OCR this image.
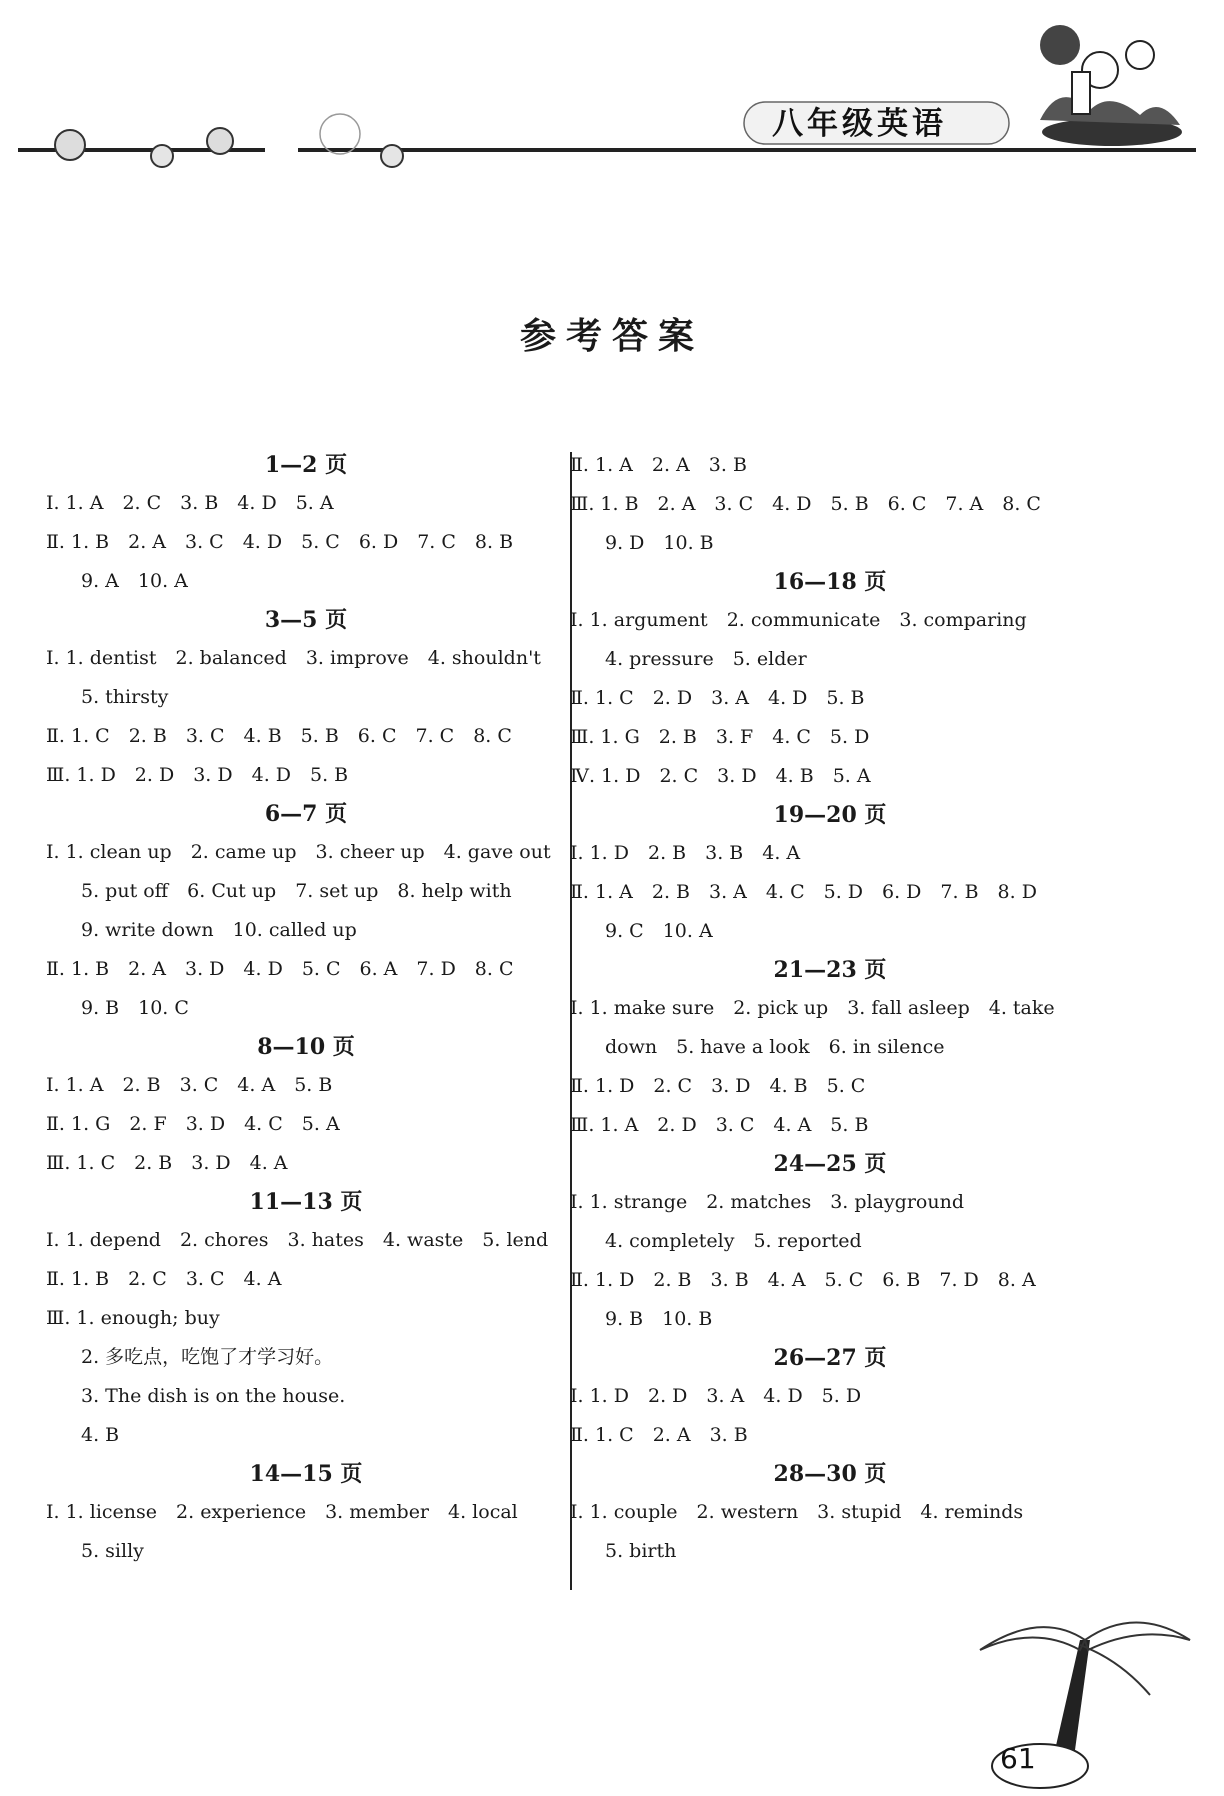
八年级英语
参考答案
1—2 页
Ⅰ. 1. A　2. C　3. B　4. D　5. A
Ⅱ. 1. B　2. A　3. C　4. D　5. C　6. D　7. C　8. B
9. A　10. A
3—5 页
Ⅰ. 1. dentist　2. balanced　3. improve　4. shouldn't
5. thirsty
Ⅱ. 1. C　2. B　3. C　4. B　5. B　6. C　7. C　8. C
Ⅲ. 1. D　2. D　3. D　4. D　5. B
6—7 页
Ⅰ. 1. clean up　2. came up　3. cheer up　4. gave out
5. put off　6. Cut up　7. set up　8. help with
9. write down　10. called up
Ⅱ. 1. B　2. A　3. D　4. D　5. C　6. A　7. D　8. C
9. B　10. C
8—10 页
Ⅰ. 1. A　2. B　3. C　4. A　5. B
Ⅱ. 1. G　2. F　3. D　4. C　5. A
Ⅲ. 1. C　2. B　3. D　4. A
11—13 页
Ⅰ. 1. depend　2. chores　3. hates　4. waste　5. lend
Ⅱ. 1. B　2. C　3. C　4. A
Ⅲ. 1. enough; buy
2. 多吃点，吃饱了才学习好。
3. The dish is on the house.
4. B
14—15 页
Ⅰ. 1. license　2. experience　3. member　4. local
5. silly
Ⅱ. 1. A　2. A　3. B
Ⅲ. 1. B　2. A　3. C　4. D　5. B　6. C　7. A　8. C
9. D　10. B
16—18 页
Ⅰ. 1. argument　2. communicate　3. comparing
4. pressure　5. elder
Ⅱ. 1. C　2. D　3. A　4. D　5. B
Ⅲ. 1. G　2. B　3. F　4. C　5. D
Ⅳ. 1. D　2. C　3. D　4. B　5. A
19—20 页
Ⅰ. 1. D　2. B　3. B　4. A
Ⅱ. 1. A　2. B　3. A　4. C　5. D　6. D　7. B　8. D
9. C　10. A
21—23 页
Ⅰ. 1. make sure　2. pick up　3. fall asleep　4. take
down　5. have a look　6. in silence
Ⅱ. 1. D　2. C　3. D　4. B　5. C
Ⅲ. 1. A　2. D　3. C　4. A　5. B
24—25 页
Ⅰ. 1. strange　2. matches　3. playground
4. completely　5. reported
Ⅱ. 1. D　2. B　3. B　4. A　5. C　6. B　7. D　8. A
9. B　10. B
26—27 页
Ⅰ. 1. D　2. D　3. A　4. D　5. D
Ⅱ. 1. C　2. A　3. B
28—30 页
Ⅰ. 1. couple　2. western　3. stupid　4. reminds
5. birth
61
